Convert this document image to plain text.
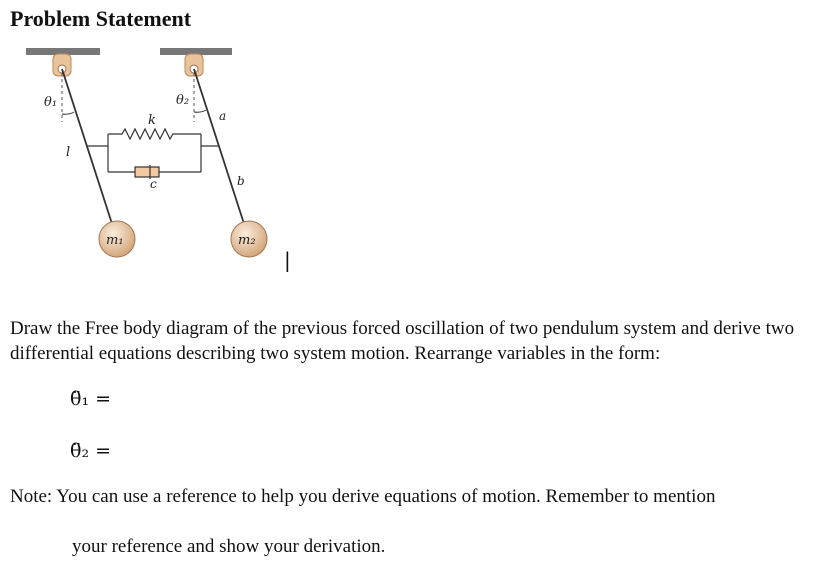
Problem Statement
θ₁	θ₂
k
c
l
a
b
m₁	m₂
|
Draw the Free body diagram of the previous forced oscillation of two pendulum system and derive two differential equations describing two system motion. Rearrange variables in the form:
θ̈₁ =
θ̈₂ =
Note: You can use a reference to help you derive equations of motion. Remember to mention
your reference and show your derivation.
